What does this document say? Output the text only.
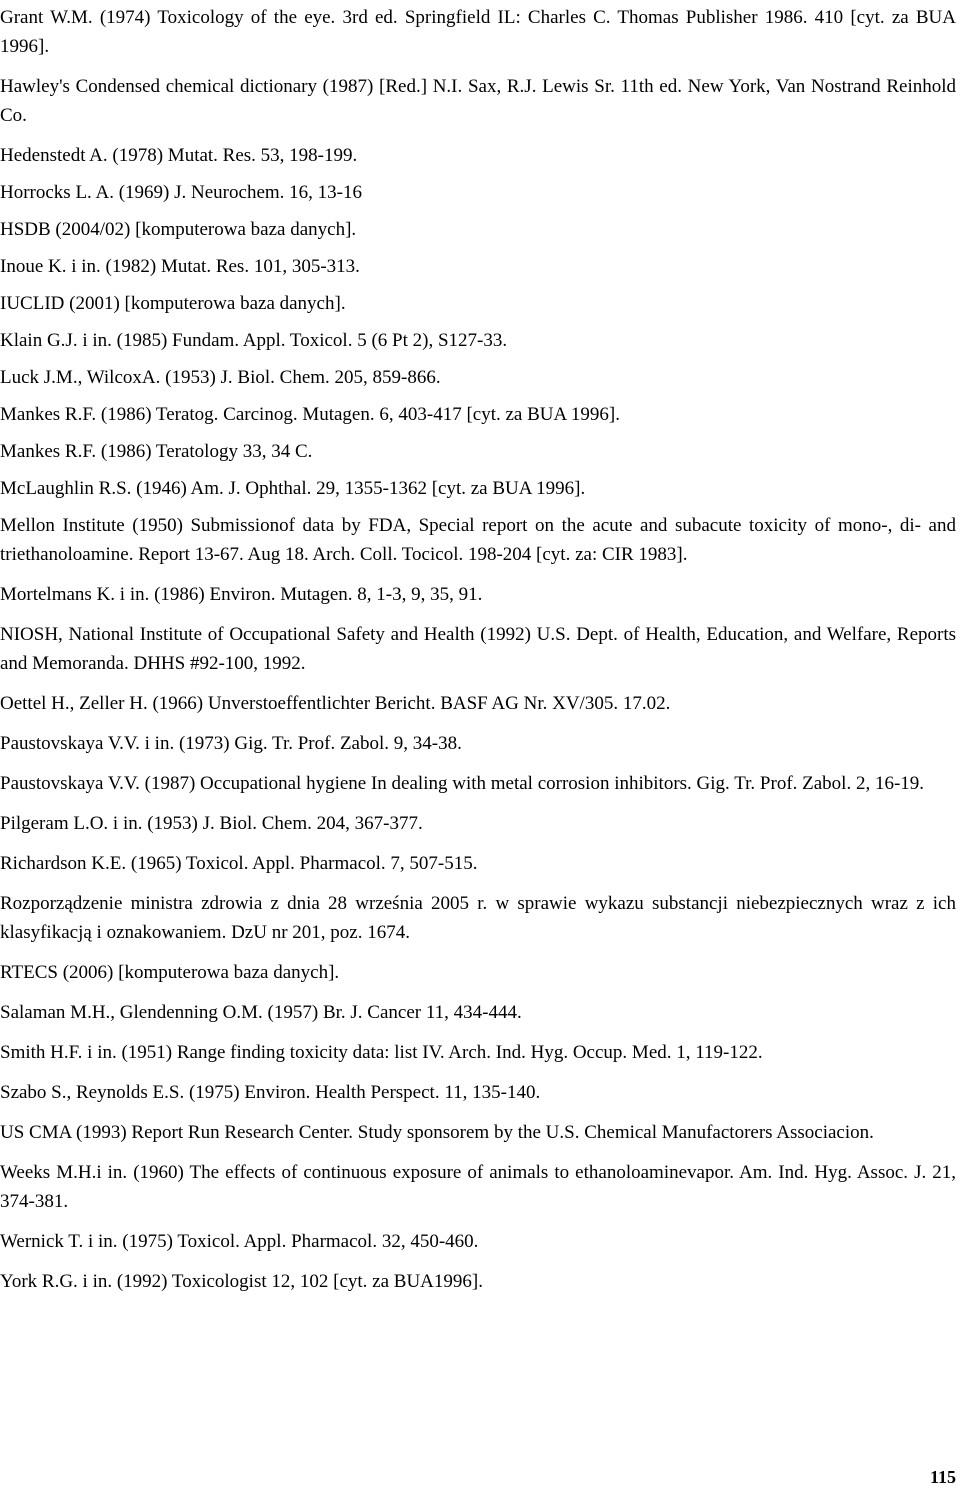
Grant W.M. (1974) Toxicology of the eye. 3rd ed. Springfield IL: Charles C. Thomas Publisher 1986. 410 [cyt. za BUA 1996].

Hawley's Condensed chemical dictionary (1987) [Red.] N.I. Sax, R.J. Lewis Sr. 11th ed. New York, Van Nostrand Reinhold Co.

Hedenstedt A. (1978) Mutat. Res. 53, 198-199.

Horrocks L. A. (1969) J. Neurochem. 16, 13-16

HSDB (2004/02) [komputerowa baza danych].

Inoue K. i in. (1982) Mutat. Res. 101, 305-313.

IUCLID (2001) [komputerowa baza danych].

Klain G.J. i in. (1985) Fundam. Appl. Toxicol. 5 (6 Pt 2), S127-33.

Luck J.M., WilcoxA. (1953) J. Biol. Chem. 205, 859-866.

Mankes R.F. (1986) Teratog. Carcinog. Mutagen. 6, 403-417 [cyt. za BUA 1996].

Mankes R.F. (1986) Teratology 33, 34 C.

McLaughlin R.S. (1946) Am. J. Ophthal. 29, 1355-1362 [cyt. za BUA 1996].

Mellon Institute (1950) Submissionof data by FDA, Special report on the acute and subacute toxicity of mono-, di- and triethanoloamine. Report 13-67. Aug 18. Arch. Coll. Tocicol. 198-204 [cyt. za: CIR 1983].

Mortelmans K. i in. (1986) Environ. Mutagen. 8, 1-3, 9, 35, 91.

NIOSH, National Institute of Occupational Safety and Health (1992) U.S. Dept. of Health, Education, and Welfare, Reports and Memoranda. DHHS #92-100, 1992.

Oettel H., Zeller H. (1966) Unverstoeffentlichter Bericht. BASF AG Nr. XV/305. 17.02.

Paustovskaya V.V. i in. (1973) Gig. Tr. Prof. Zabol. 9, 34-38.

Paustovskaya V.V. (1987) Occupational hygiene In dealing with metal corrosion inhibitors. Gig. Tr. Prof. Zabol. 2, 16-19.

Pilgeram L.O. i in. (1953) J. Biol. Chem. 204, 367-377.

Richardson K.E. (1965) Toxicol. Appl. Pharmacol. 7, 507-515.

Rozporządzenie ministra zdrowia z dnia 28 września 2005 r. w sprawie wykazu substancji niebezpiecznych wraz z ich klasyfikacją i oznakowaniem. DzU nr 201, poz. 1674.

RTECS (2006) [komputerowa baza danych].

Salaman M.H., Glendenning O.M. (1957) Br. J. Cancer 11, 434-444.

Smith H.F. i in. (1951) Range finding toxicity data: list IV. Arch. Ind. Hyg. Occup. Med. 1, 119-122.

Szabo S., Reynolds E.S. (1975) Environ. Health Perspect. 11, 135-140.

US CMA (1993) Report Run Research Center. Study sponsorem by the U.S. Chemical Manufactorers Associacion.

Weeks M.H.i in. (1960) The effects of continuous exposure of animals to ethanoloaminevapor. Am. Ind. Hyg. Assoc. J. 21, 374-381.

Wernick T. i in. (1975) Toxicol. Appl. Pharmacol. 32, 450-460.

York R.G. i in. (1992) Toxicologist 12, 102 [cyt. za BUA1996].

115
